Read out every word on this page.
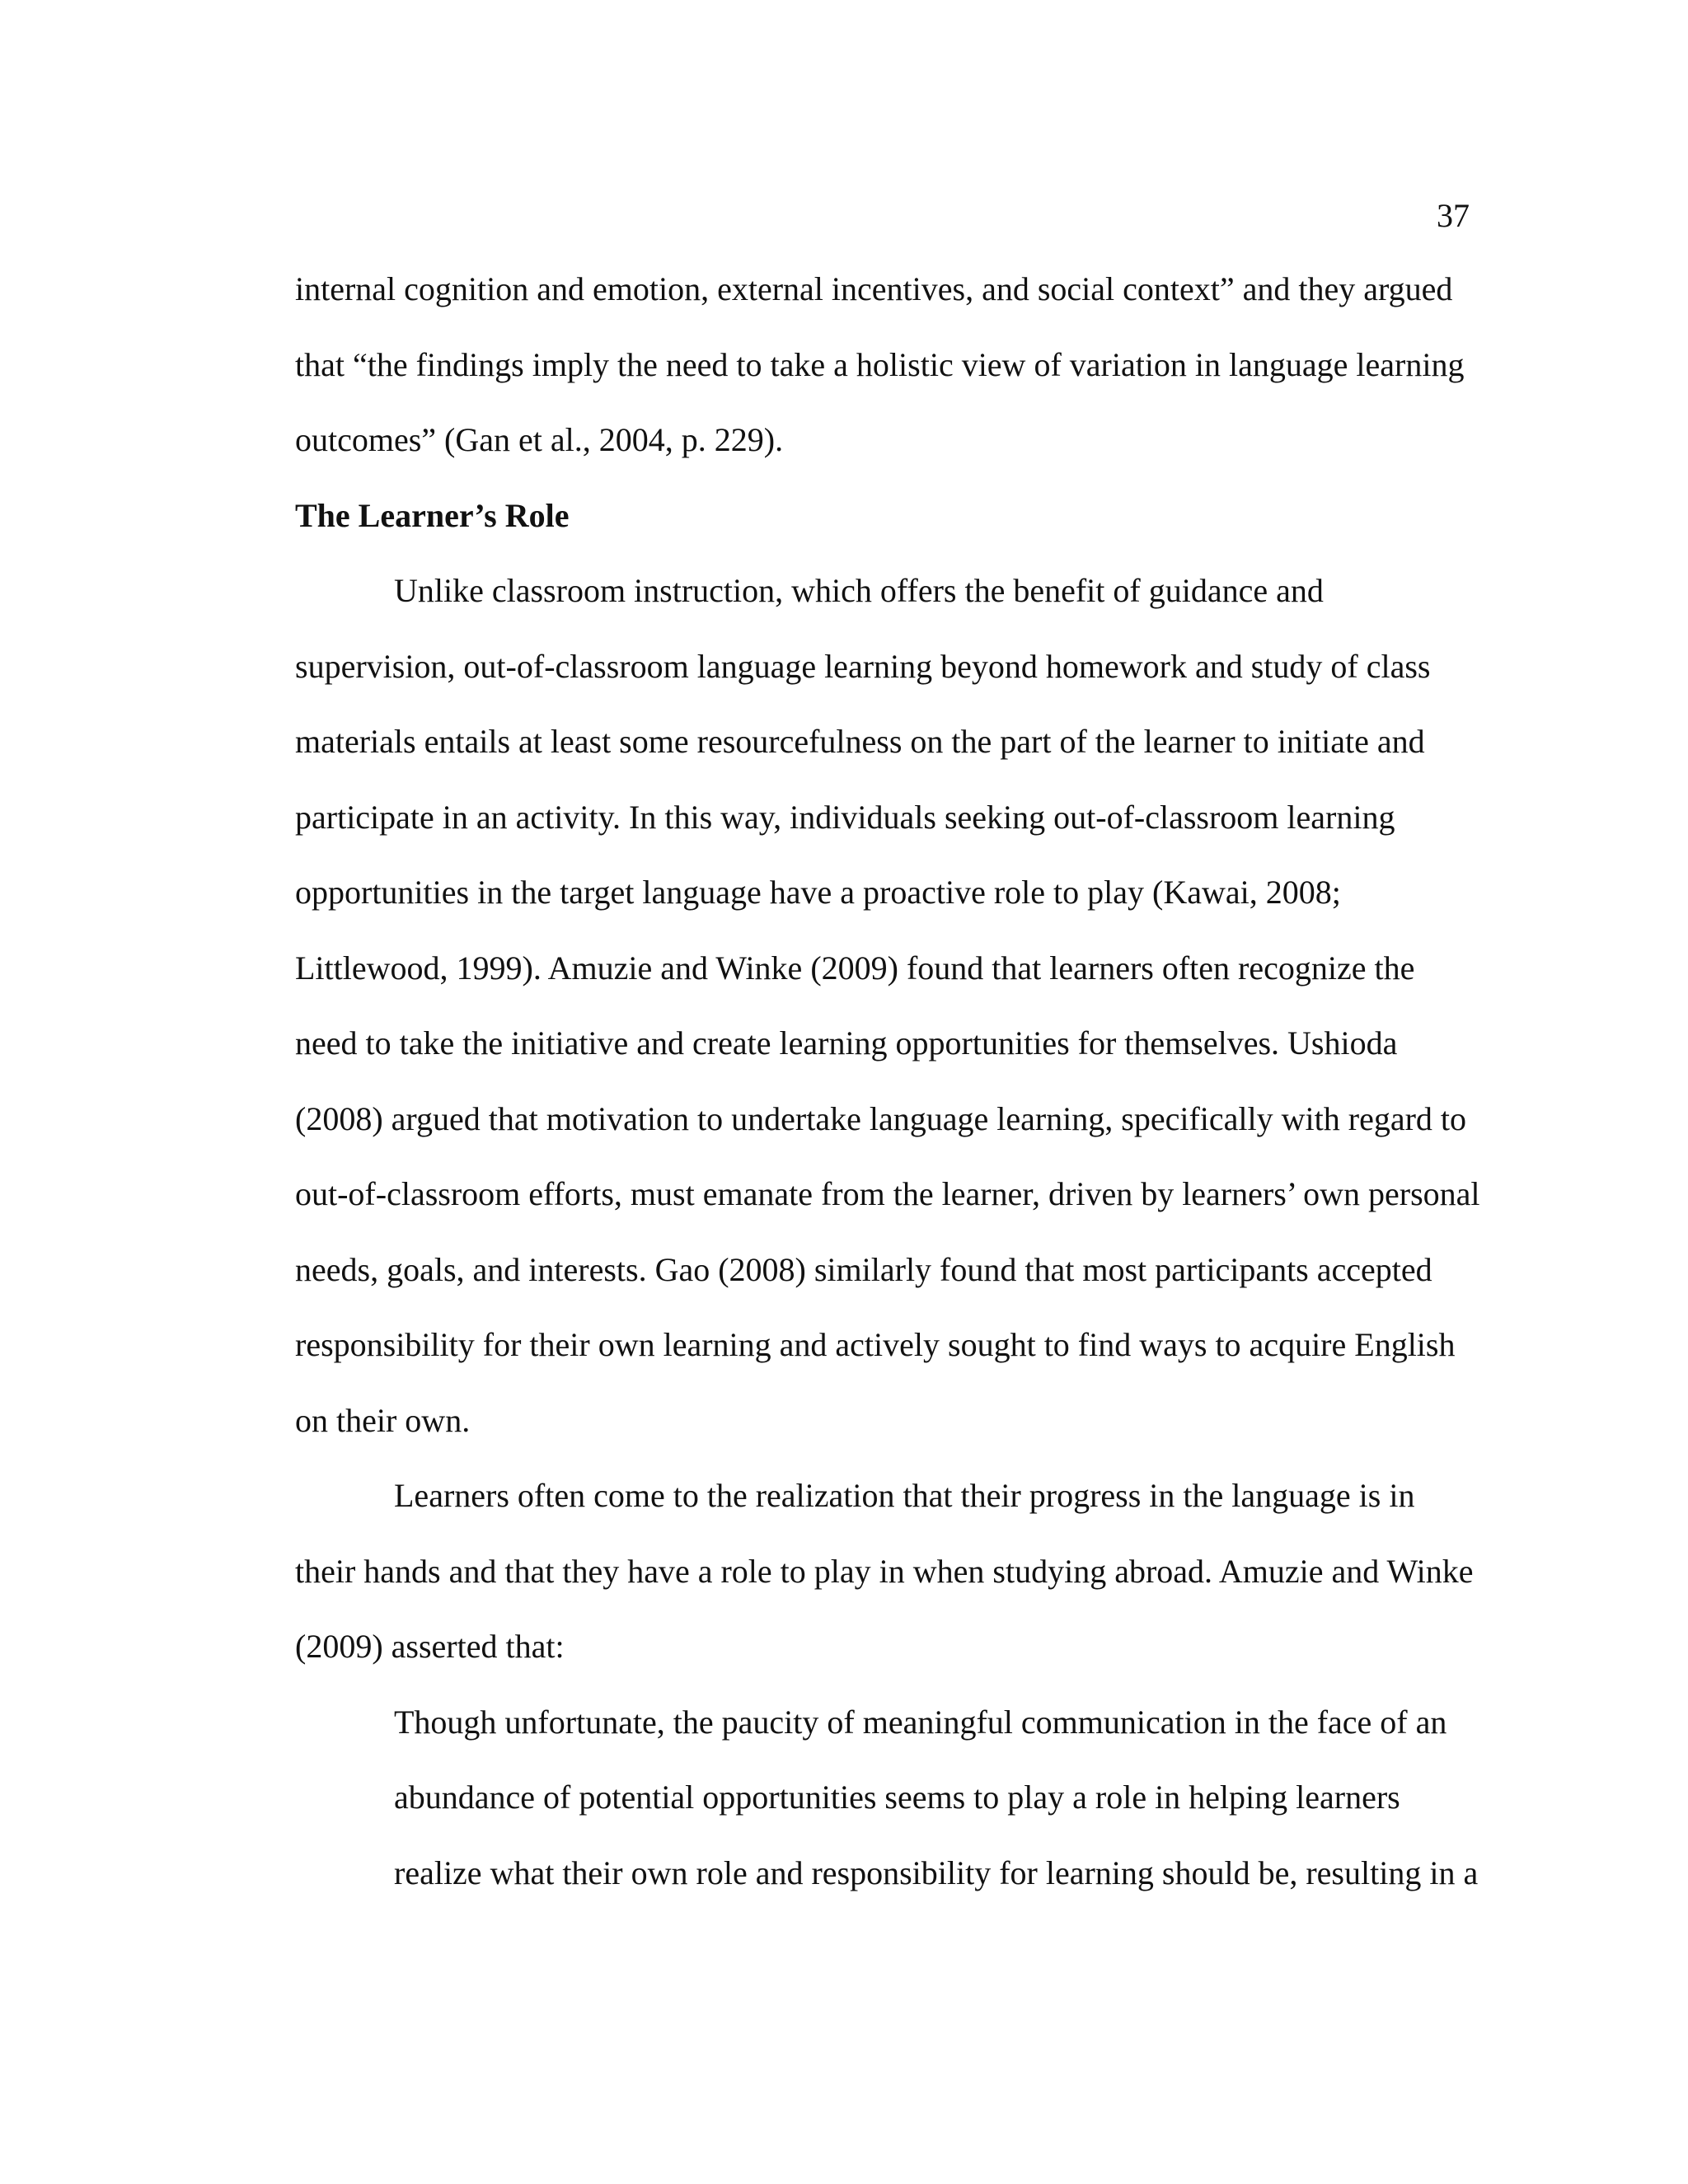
37

internal cognition and emotion, external incentives, and social context” and they argued that “the findings imply the need to take a holistic view of variation in language learning outcomes” (Gan et al., 2004, p. 229).

The Learner’s Role

Unlike classroom instruction, which offers the benefit of guidance and supervision, out-of-classroom language learning beyond homework and study of class materials entails at least some resourcefulness on the part of the learner to initiate and participate in an activity. In this way, individuals seeking out-of-classroom learning opportunities in the target language have a proactive role to play (Kawai, 2008; Littlewood, 1999). Amuzie and Winke (2009) found that learners often recognize the need to take the initiative and create learning opportunities for themselves. Ushioda (2008) argued that motivation to undertake language learning, specifically with regard to out-of-classroom efforts, must emanate from the learner, driven by learners’ own personal needs, goals, and interests. Gao (2008) similarly found that most participants accepted responsibility for their own learning and actively sought to find ways to acquire English on their own.

Learners often come to the realization that their progress in the language is in their hands and that they have a role to play in when studying abroad. Amuzie and Winke (2009) asserted that:

Though unfortunate, the paucity of meaningful communication in the face of an abundance of potential opportunities seems to play a role in helping learners realize what their own role and responsibility for learning should be, resulting in a
